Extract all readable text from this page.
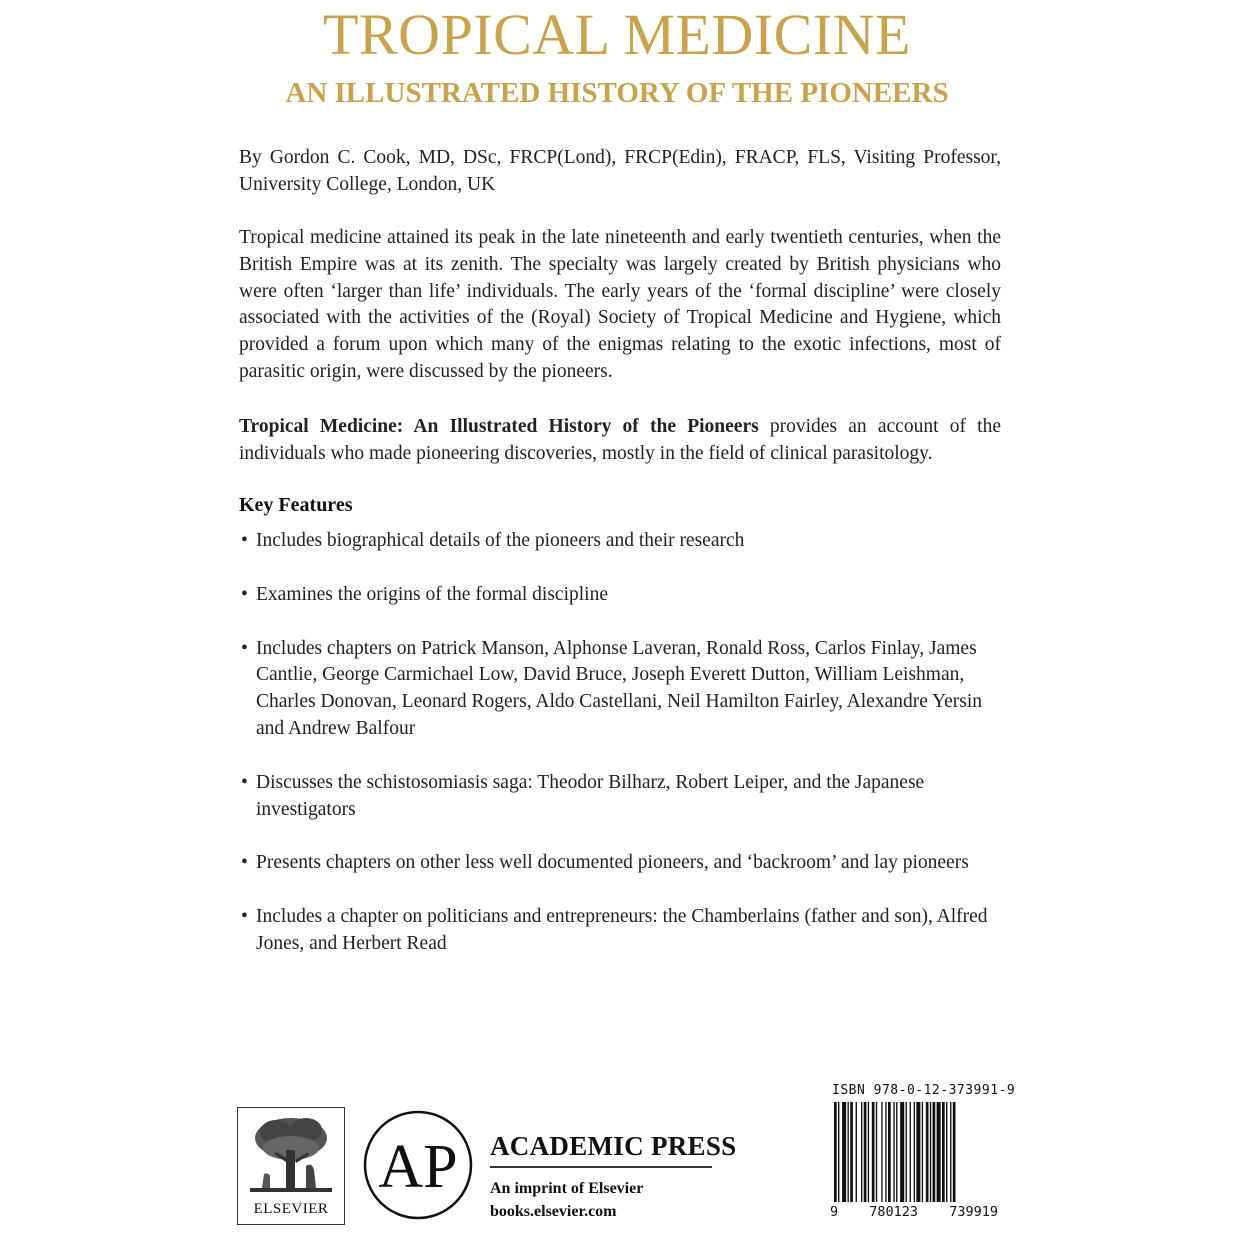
TROPICAL MEDICINE
AN ILLUSTRATED HISTORY OF THE PIONEERS

By Gordon C. Cook, MD, DSc, FRCP(Lond), FRCP(Edin), FRACP, FLS, Visiting Professor, University College, London, UK

Tropical medicine attained its peak in the late nineteenth and early twentieth centuries, when the British Empire was at its zenith. The specialty was largely created by British physicians who were often ‘larger than life’ individuals. The early years of the ‘formal discipline’ were closely associated with the activities of the (Royal) Society of Tropical Medicine and Hygiene, which provided a forum upon which many of the enigmas relating to the exotic infections, most of parasitic origin, were discussed by the pioneers.

Tropical Medicine: An Illustrated History of the Pioneers provides an account of the individuals who made pioneering discoveries, mostly in the field of clinical parasitology.

Key Features
• Includes biographical details of the pioneers and their research
• Examines the origins of the formal discipline
• Includes chapters on Patrick Manson, Alphonse Laveran, Ronald Ross, Carlos Finlay, James Cantlie, George Carmichael Low, David Bruce, Joseph Everett Dutton, William Leishman, Charles Donovan, Leonard Rogers, Aldo Castellani, Neil Hamilton Fairley, Alexandre Yersin and Andrew Balfour
• Discusses the schistosomiasis saga: Theodor Bilharz, Robert Leiper, and the Japanese investigators
• Presents chapters on other less well documented pioneers, and ‘backroom’ and lay pioneers
• Includes a chapter on politicians and entrepreneurs: the Chamberlains (father and son), Alfred Jones, and Herbert Read
ELSEVIER
AP ACADEMIC PRESS

An imprint of Elsevier
books.elsevier.com

ISBN 978-0-12-373991-9

9 780123 739919
